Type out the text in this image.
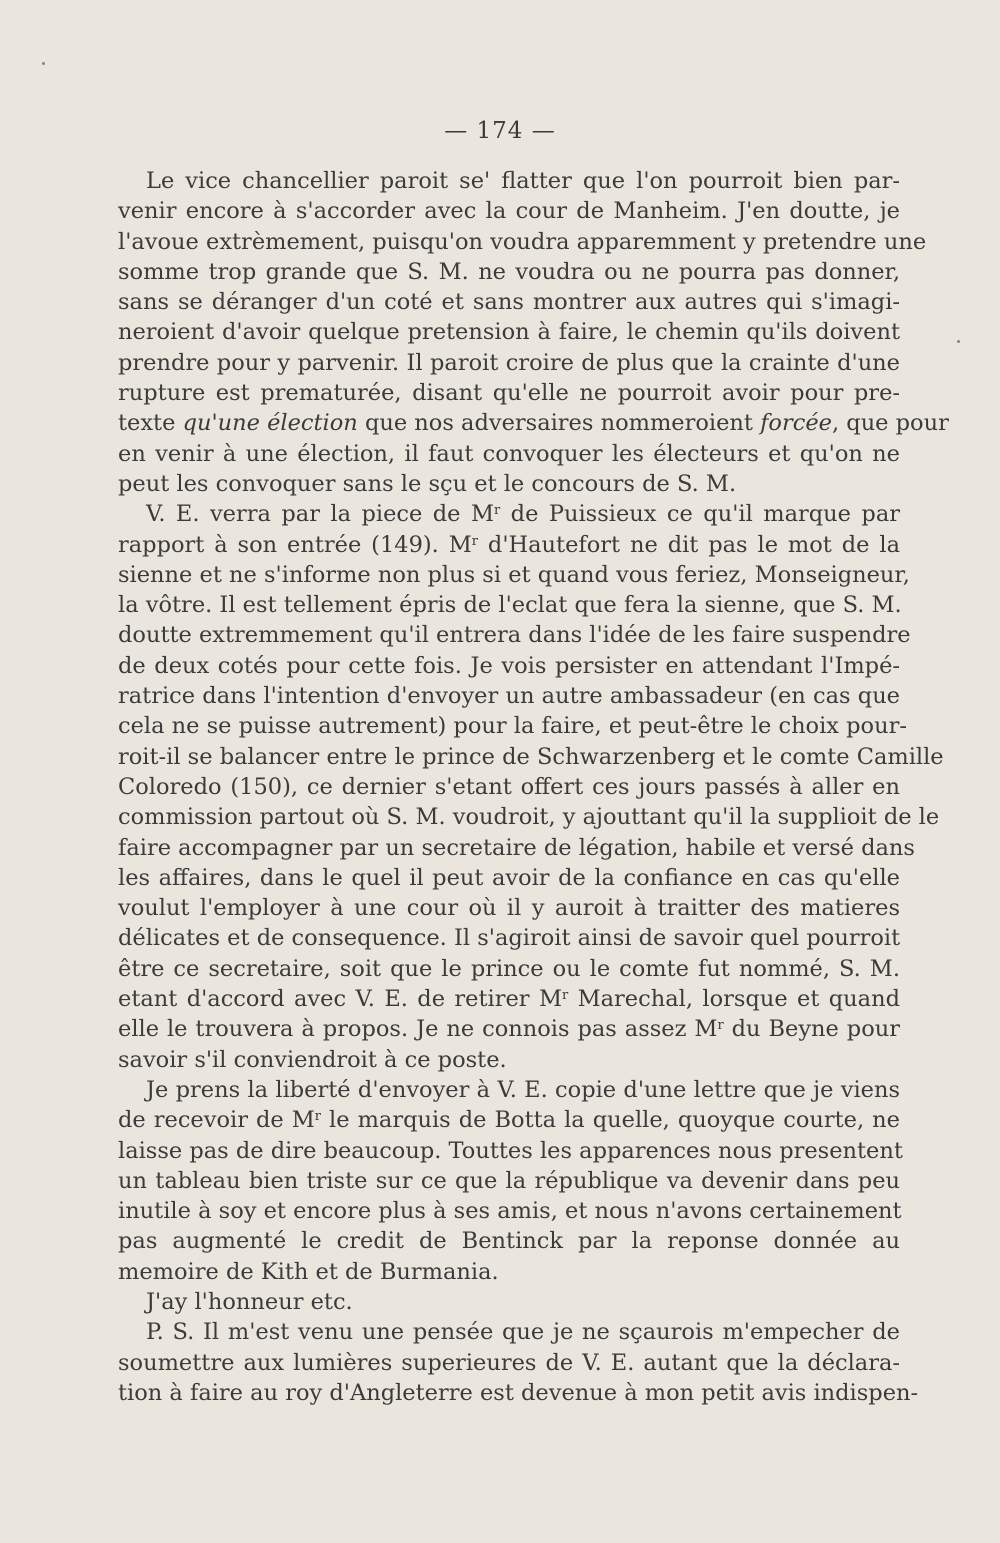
— 174 —
Le vice chancellier paroit se' flatter que l'on pourroit bien par-
venir encore à s'accorder avec la cour de Manheim. J'en doutte, je
l'avoue extrèmement, puisqu'on voudra apparemment y pretendre une
somme trop grande que S. M. ne voudra ou ne pourra pas donner,
sans se déranger d'un coté et sans montrer aux autres qui s'imagi-
neroient d'avoir quelque pretension à faire, le chemin qu'ils doivent
prendre pour y parvenir. Il paroit croire de plus que la crainte d'une
rupture est prematurée, disant qu'elle ne pourroit avoir pour pre-
texte qu'une élection que nos adversaires nommeroient forcée, que pour
en venir à une élection, il faut convoquer les électeurs et qu'on ne
peut les convoquer sans le sçu et le concours de S. M.
V. E. verra par la piece de $M^r$ de Puissieux ce qu'il marque par
rapport à son entrée (149). $M^r$ d'Hautefort ne dit pas le mot de la
sienne et ne s'informe non plus si et quand vous feriez, Monseigneur,
la vôtre. Il est tellement épris de l'eclat que fera la sienne, que S. M.
doutte extremmement qu'il entrera dans l'idée de les faire suspendre
de deux cotés pour cette fois. Je vois persister en attendant l'Impé-
ratrice dans l'intention d'envoyer un autre ambassadeur (en cas que
cela ne se puisse autrement) pour la faire, et peut-être le choix pour-
roit-il se balancer entre le prince de Schwarzenberg et le comte Camille
Coloredo (150), ce dernier s'etant offert ces jours passés à aller en
commission partout où S. M. voudroit, y ajouttant qu'il la supplioit de le
faire accompagner par un secretaire de légation, habile et versé dans
les affaires, dans le quel il peut avoir de la confiance en cas qu'elle
voulut l'employer à une cour où il y auroit à traitter des matieres
délicates et de consequence. Il s'agiroit ainsi de savoir quel pourroit
être ce secretaire, soit que le prince ou le comte fut nommé, S. M.
etant d'accord avec V. E. de retirer $M^r$ Marechal, lorsque et quand
elle le trouvera à propos. Je ne connois pas assez $M^r$ du Beyne pour
savoir s'il conviendroit à ce poste.
Je prens la liberté d'envoyer à V. E. copie d'une lettre que je viens
de recevoir de $M^r$ le marquis de Botta la quelle, quoyque courte, ne
laisse pas de dire beaucoup. Touttes les apparences nous presentent
un tableau bien triste sur ce que la république va devenir dans peu
inutile à soy et encore plus à ses amis, et nous n'avons certainement
pas augmenté le credit de Bentinck par la reponse donnée au
memoire de Kith et de Burmania.
J'ay l'honneur etc.
P. S. Il m'est venu une pensée que je ne sçaurois m'empecher de
soumettre aux lumières superieures de V. E. autant que la déclara-
tion à faire au roy d'Angleterre est devenue à mon petit avis indispen-
